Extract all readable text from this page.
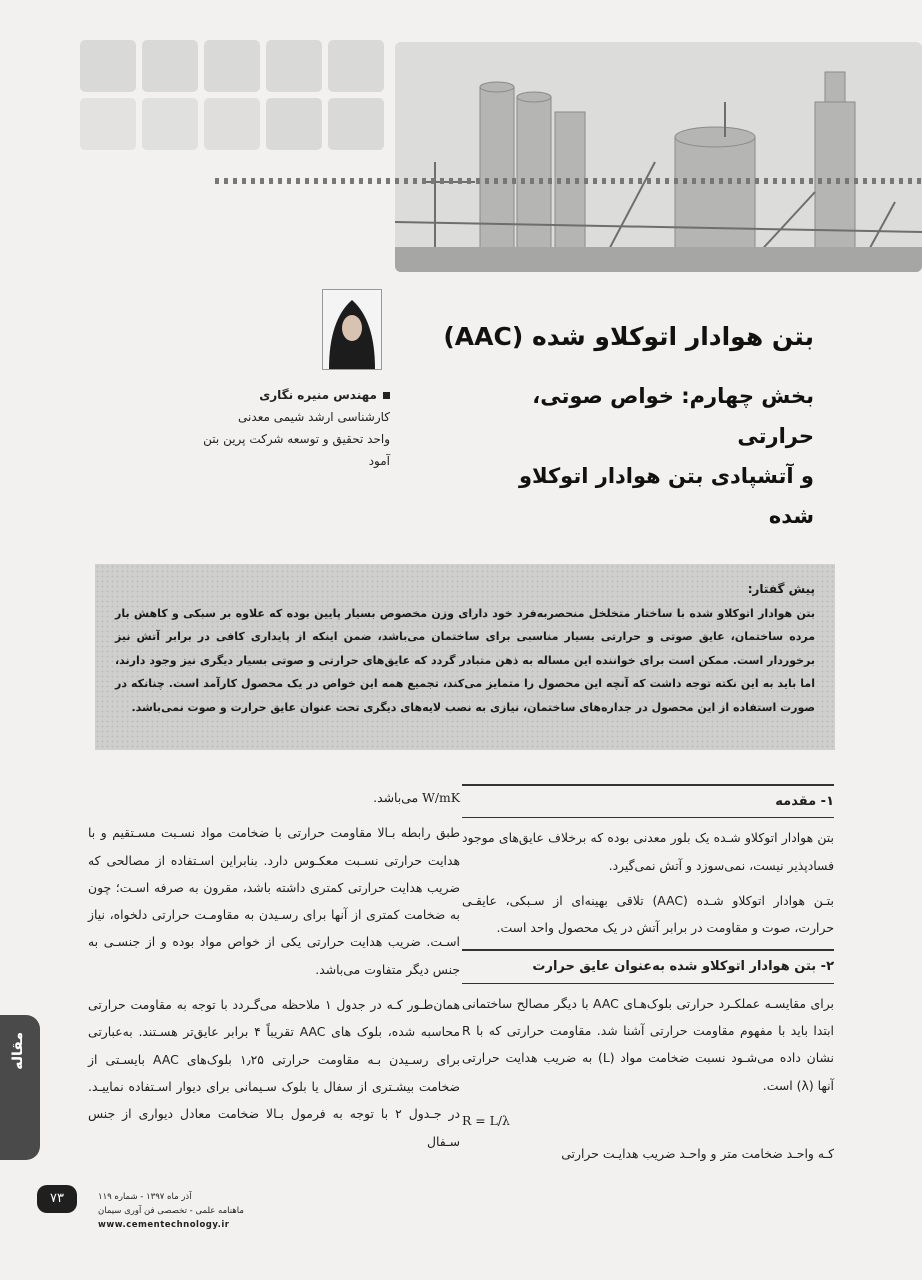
مهندس منیره نگاری
کارشناسی ارشد شیمی معدنی
واحد تحقیق و توسعه شرکت پرین بتن آمود
بتن هوادار اتوکلاو شده (AAC)
بخش چهارم: خواص صوتی، حرارتی
و آتشپادی بتن هوادار اتوکلاو شده
پیش گفتار:
بتن هوادار اتوکلاو شده با ساختار متخلخل منحصربه‌فرد خود دارای وزن مخصوص بسیار پایین بوده که علاوه بر سبکی و کاهش بار مرده ساختمان، عایق صوتی و حرارتی بسیار مناسبی برای ساختمان می‌باشد، ضمن اینکه از پایداری کافی در برابر آتش نیز برخوردار است. ممکن است برای خواننده این مساله به ذهن متبادر گردد که عایق‌های حرارتی و صوتی بسیار دیگری نیز وجود دارند، اما باید به این نکته توجه داشت که آنچه این محصول را متمایز می‌کند، تجمیع همه این خواص در یک محصول کارآمد است. چنانکه در صورت استفاده از این محصول در جداره‌های ساختمان، نیازی به نصب لایه‌های دیگری تحت عنوان عایق حرارت و صوت نمی‌باشد.
۱- مقدمه

بتن هوادار اتوکلاو شـده یک بلور معدنی بوده که برخلاف عایق‌های موجود فسادپذیر نیست، نمی‌سوزد و آتش نمی‌گیرد.

بتـن هوادار اتوکلاو شـده (AAC) تلاقی بهینه‌ای از سـبکی، عایقـی حرارت، صوت و مقاومت در برابر آتش در یک محصول واحد است.

۲- بتن هوادار اتوکلاو شده به‌عنوان عایق حرارت

برای مقایسـه عملکـرد حرارتی بلوک‌هـای AAC با دیگر مصالح ساختمانی ابتدا باید با مفهوم مقاومت حرارتی آشنا شد. مقاومت حرارتی که با R نشان داده می‌شـود نسبت ضخامت مواد (L) به ضریب هدایت حرارتی آنها (λ) است.

R = L/λ

کـه واحـد ضخامت متر و واحـد ضریب هدایـت حرارتی

W/mK می‌باشد.

طبق رابطه بـالا مقاومت حرارتی با ضخامت مواد نسـبت مسـتقیم و با هدایت حرارتی نسـبت معکـوس دارد. بنابراین اسـتفاده از مصالحی که ضریب هدایت حرارتی کمتری داشته باشد، مقرون به صرفه اسـت؛ چون به ضخامت کمتری از آنها برای رسـیدن به مقاومـت حرارتی دلخواه، نیاز اسـت. ضریب هدایت حرارتی یکی از خواص مواد بوده و از جنسـی به جنس دیگر متفاوت می‌باشد.

همان‌طـور کـه در جدول ۱ ملاحظه می‌گـردد با توجه به مقاومت حرارتی محاسبه شده، بلوک های AAC تقریباً ۴ برابر عایق‌تر هسـتند. به‌عبارتی برای رسـیدن بـه مقاومت حرارتی ۱٫۲۵ بلوک‌های AAC بایسـتی از ضخامت بیشـتری از سفال یا بلوک سـیمانی برای دیوار اسـتفاده نماییـد. در جـدول ۲ با توجه به فرمول بـالا ضخامت معادل دیواری از جنس سـفال

مقاله
۷۳	آذر ماه ۱۳۹۷ - شماره ۱۱۹
ماهنامه علمی - تخصصی فن آوری سیمان
www.cementechnology.ir
